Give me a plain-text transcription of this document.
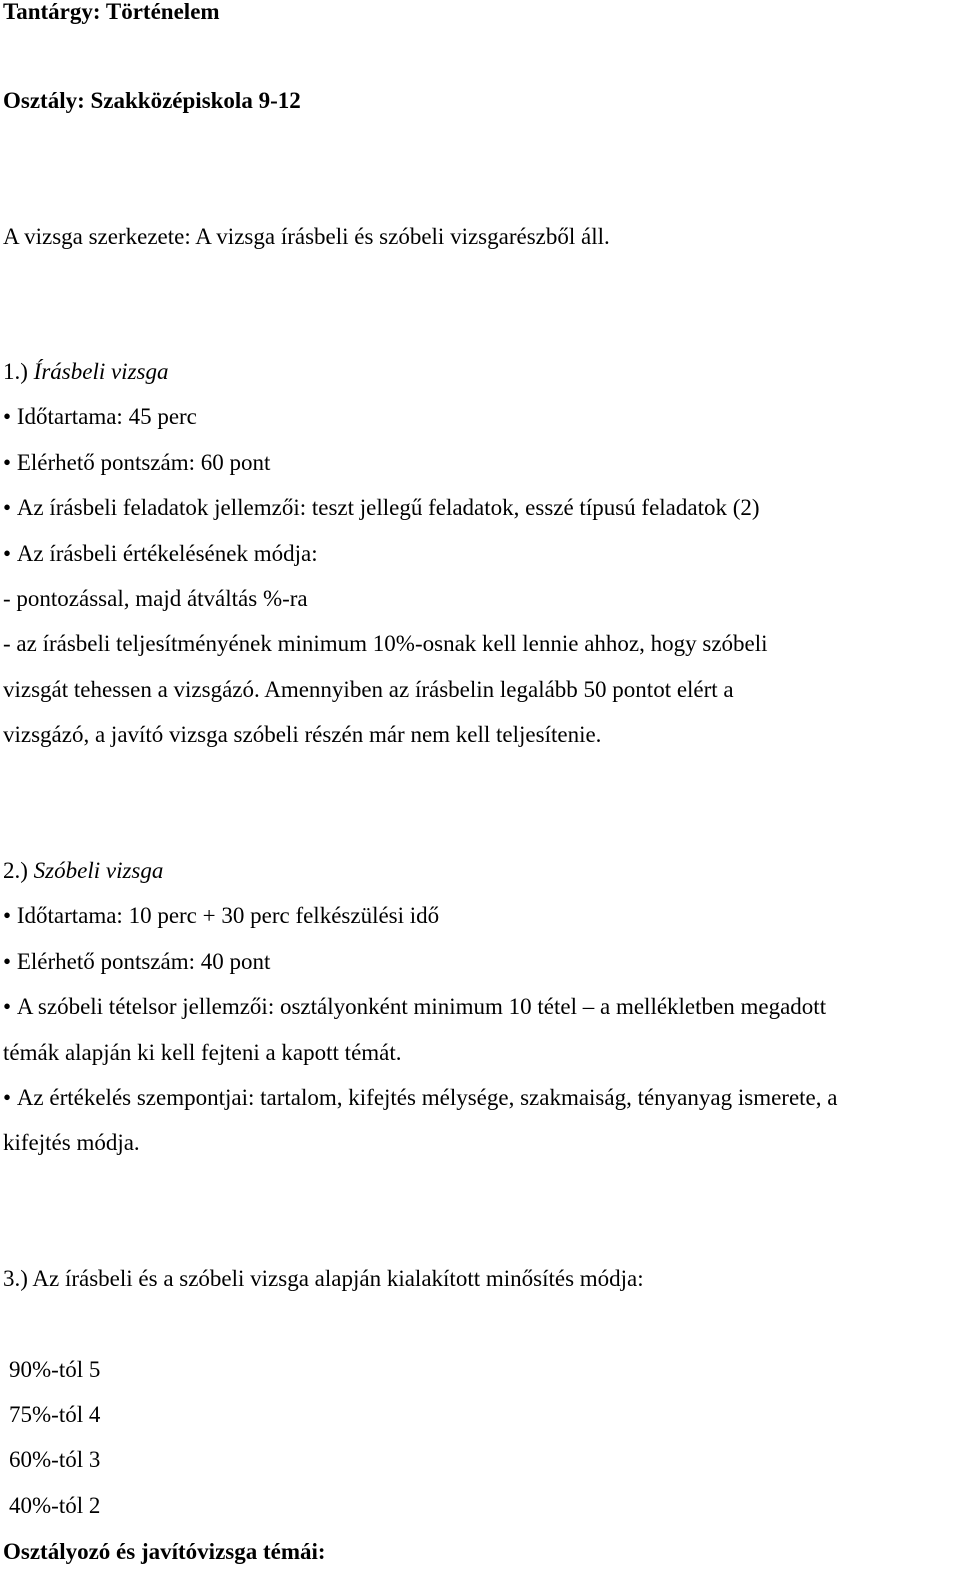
Tantárgy: Történelem
Osztály: Szakközépiskola 9-12
A vizsga szerkezete: A vizsga írásbeli és szóbeli vizsgarészből áll.
1.) Írásbeli vizsga
• Időtartama: 45 perc
• Elérhető pontszám: 60 pont
• Az írásbeli feladatok jellemzői: teszt jellegű feladatok, esszé típusú feladatok (2)
• Az írásbeli értékelésének módja:
- pontozással, majd átváltás %-ra
- az írásbeli teljesítményének minimum 10%-osnak kell lennie ahhoz, hogy szóbeli
vizsgát tehessen a vizsgázó. Amennyiben az írásbelin legalább 50 pontot elért a
vizsgázó, a javító vizsga szóbeli részén már nem kell teljesítenie.
2.) Szóbeli vizsga
• Időtartama: 10 perc + 30 perc felkészülési idő
• Elérhető pontszám: 40 pont
• A szóbeli tételsor jellemzői: osztályonként minimum 10 tétel – a mellékletben megadott
témák alapján ki kell fejteni a kapott témát.
• Az értékelés szempontjai: tartalom, kifejtés mélysége, szakmaiság, tényanyag ismerete, a
kifejtés módja.
3.) Az írásbeli és a szóbeli vizsga alapján kialakított minősítés módja:
90%-tól 5
75%-tól 4
60%-tól 3
40%-tól 2
Osztályozó és javítóvizsga témái:
